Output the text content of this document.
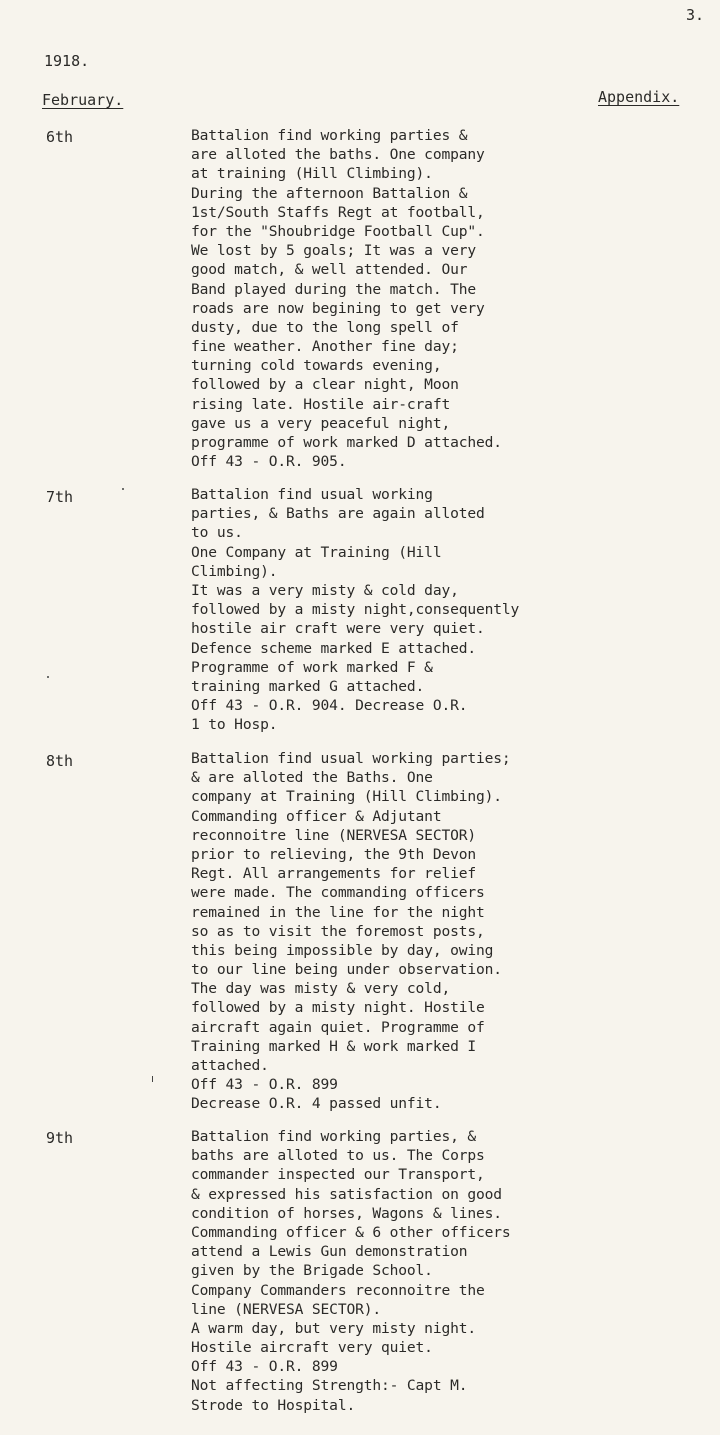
3.
1918.
February.	Appendix.
6th	Battalion find working parties &
are alloted the baths. One company
at training (Hill Climbing).
During the afternoon Battalion &
1st/South Staffs Regt at football,
for the "Shoubridge Football Cup".
We lost by 5 goals; It was a very
good match, & well attended. Our
Band played during the match. The
roads are now begining to get very
dusty, due to the long spell of
fine weather. Another fine day;
turning cold towards evening,
followed by a clear night, Moon
rising late. Hostile air-craft
gave us a very peaceful night,
programme of work marked D attached.
Off 43 - O.R. 905.
7th	Battalion find usual working
parties, & Baths are again alloted
to us.
One Company at Training (Hill
Climbing).
It was a very misty & cold day,
followed by a misty night,consequently
hostile air craft were very quiet.
Defence scheme marked E attached.
Programme of work marked F &
training marked G attached.
Off 43 - O.R. 904. Decrease O.R.
1 to Hosp.
8th	Battalion find usual working parties;
& are alloted the Baths. One
company at Training (Hill Climbing).
Commanding officer & Adjutant
reconnoitre line (NERVESA SECTOR)
prior to relieving, the 9th Devon
Regt. All arrangements for relief
were made. The commanding officers
remained in the line for the night
so as to visit the foremost posts,
this being impossible by day, owing
to our line being under observation.
The day was misty & very cold,
followed by a misty night. Hostile
aircraft again quiet. Programme of
Training marked H & work marked I
attached.
Off 43 - O.R. 899
Decrease O.R. 4 passed unfit.
9th	Battalion find working parties, &
baths are alloted to us. The Corps
commander inspected our Transport,
& expressed his satisfaction on good
condition of horses, Wagons & lines.
Commanding officer & 6 other officers
attend a Lewis Gun demonstration
given by the Brigade School.
Company Commanders reconnoitre the
line (NERVESA SECTOR).
A warm day, but very misty night.
Hostile aircraft very quiet.
Off 43 - O.R. 899
Not affecting Strength:- Capt M.
Strode to Hospital.
